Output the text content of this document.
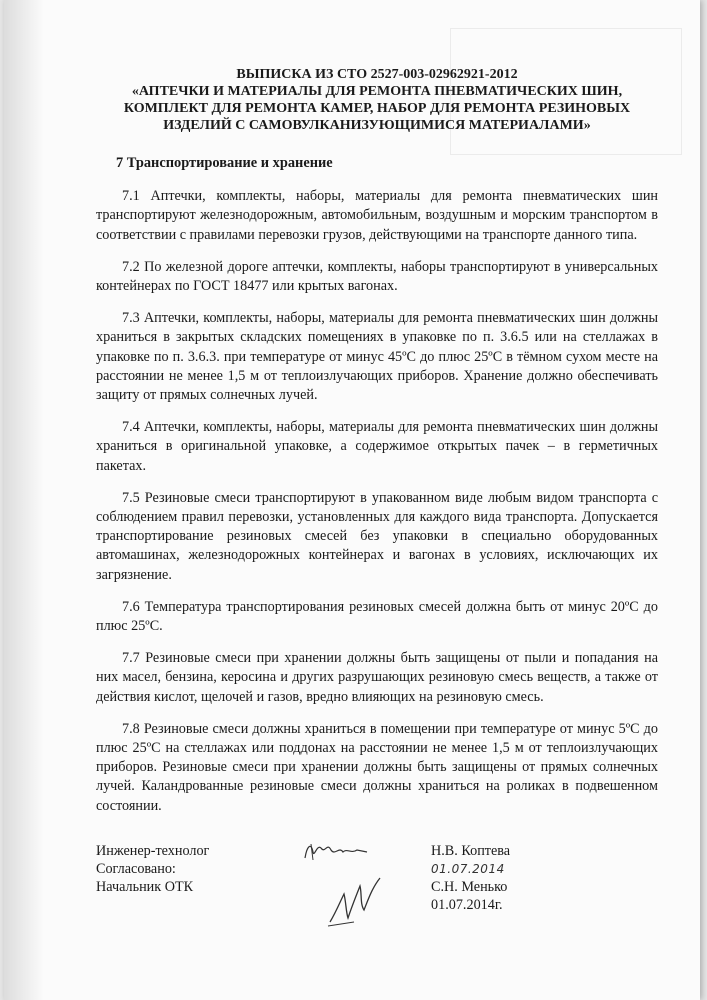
ВЫПИСКА ИЗ СТО 2527-003-02962921-2012
«АПТЕЧКИ И МАТЕРИАЛЫ ДЛЯ РЕМОНТА ПНЕВМАТИЧЕСКИХ ШИН,
КОМПЛЕКТ ДЛЯ РЕМОНТА КАМЕР, НАБОР ДЛЯ РЕМОНТА РЕЗИНОВЫХ
ИЗДЕЛИЙ С САМОВУЛКАНИЗУЮЩИМИСЯ МАТЕРИАЛАМИ»
7 Транспортирование и хранение

7.1 Аптечки, комплекты, наборы, материалы для ремонта пневматических шин транспортируют железнодорожным, автомобильным, воздушным и морским транспортом в соответствии с правилами перевозки грузов, действующими на транспорте данного типа.

7.2 По железной дороге аптечки, комплекты, наборы транспортируют в универсальных контейнерах по ГОСТ 18477 или крытых вагонах.

7.3 Аптечки, комплекты, наборы, материалы для ремонта пневматических шин должны храниться в закрытых складских помещениях в упаковке по п. 3.6.5 или на стеллажах в упаковке по п. 3.6.3. при температуре от минус 45ºС до плюс 25ºС в тёмном сухом месте на расстоянии не менее 1,5 м от теплоизлучающих приборов. Хранение должно обеспечивать защиту от прямых солнечных лучей.

7.4 Аптечки, комплекты, наборы, материалы для ремонта пневматических шин должны храниться в оригинальной упаковке, а содержимое открытых пачек – в герметичных пакетах.

7.5 Резиновые смеси транспортируют в упакованном виде любым видом транспорта с соблюдением правил перевозки, установленных для каждого вида транспорта. Допускается транспортирование резиновых смесей без упаковки в специально оборудованных автомашинах, железнодорожных контейнерах и вагонах в условиях, исключающих их загрязнение.

7.6 Температура транспортирования резиновых смесей должна быть от минус 20ºС до плюс 25ºС.

7.7 Резиновые смеси при хранении должны быть защищены от пыли и попадания на них масел, бензина, керосина и других разрушающих резиновую смесь веществ, а также от действия кислот, щелочей и газов, вредно влияющих на резиновую смесь.

7.8 Резиновые смеси должны храниться в помещении при температуре от минус 5ºС до плюс 25ºС на стеллажах или поддонах на расстоянии не менее 1,5 м от теплоизлучающих приборов. Резиновые смеси при хранении должны быть защищены от прямых солнечных лучей. Каландрованные резиновые смеси должны храниться на роликах в подвешенном состоянии.

Инженер-технолог
Согласовано:
Начальник ОТК
Н.В. Коптева
01.07.2014
С.Н. Менько
01.07.2014г.
